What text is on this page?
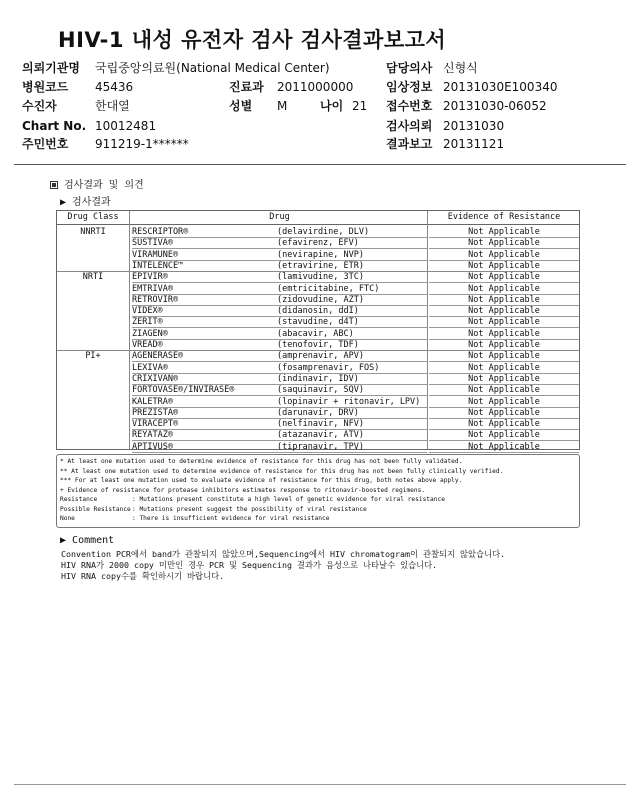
HIV-1 내성 유전자 검사 검사결과보고서
의뢰기관명 국립중앙의료원(National Medical Center)
병원코드 45436	진료과 2011000000
수진자	한대열	성별 M	나이 21
Chart No. 10012481
주민번호 911219-1******
담당의사 신형식
임상정보 20131030E100340
접수번호 20131030-06052
검사의뢰 20131030
결과보고 20131121
검사결과 및 의견
▶ 검사결과
Drug Class	Drug	Evidence of Resistance
NNRTI	RESCRIPTOR®	(delavirdine, DLV)	Not Applicable
SUSTIVA®	(efavirenz, EFV)	Not Applicable
VIRAMUNE®	(nevirapine, NVP)	Not Applicable
INTELENCE™	(etravirine, ETR)	Not Applicable
NRTI	EPIVIR®	(lamivudine, 3TC)	Not Applicable
EMTRIVA®	(emtricitabine, FTC)	Not Applicable
RETROVIR®	(zidovudine, AZT)	Not Applicable
VIDEX®	(didanosin, ddI)	Not Applicable
ZERIT®	(stavudine, d4T)	Not Applicable
ZIAGEN®	(abacavir, ABC)	Not Applicable
VREAD®	(tenofovir, TDF)	Not Applicable
PI+	AGENERASE®	(amprenavir, APV)	Not Applicable
LEXIVA®	(fosamprenavir, FOS)	Not Applicable
CRIXIVAN®	(indinavir, IDV)	Not Applicable
FORTOVASE®/INVIRASE®	(saquinavir, SQV)	Not Applicable
KALETRA®	(lopinavir + ritonavir, LPV)	Not Applicable
PREZISTA®	(darunavir, DRV)	Not Applicable
VIRACEPT®	(nelfinavir, NFV)	Not Applicable
REYATAZ®	(atazanavir, ATV)	Not Applicable
APTIVUS®	(tipranavir, TPV)	Not Applicable
* At least one mutation used to determine evidence of resistance for this drug has not been fully validated.
** At least one mutation used to determine evidence of resistance for this drug has not been fully clinically verified.
*** For at least one mutation used to evaluate evidence of resistance for this drug, both notes above apply.
+ Evidence of resistance for protease inhibitors estimates response to ritonavir-boosted regimens.
Resistance	: Mutations present constitute a high level of genetic evidence for viral resistance
Possible Resistance: Mutations present suggest the possibility of viral resistance
None	: There is insufficient evidence for viral resistance
▶ Comment
Convention PCR에서 band가 관찰되지 않았으며,Sequencing에서 HIV chromatogram이 관찰되지 않았습니다.
HIV RNA가 2000 copy 미만인 경우 PCR 및 Sequencing 결과가 음성으로 나타날수 있습니다.
HIV RNA copy수를 확인하시기 바랍니다.
